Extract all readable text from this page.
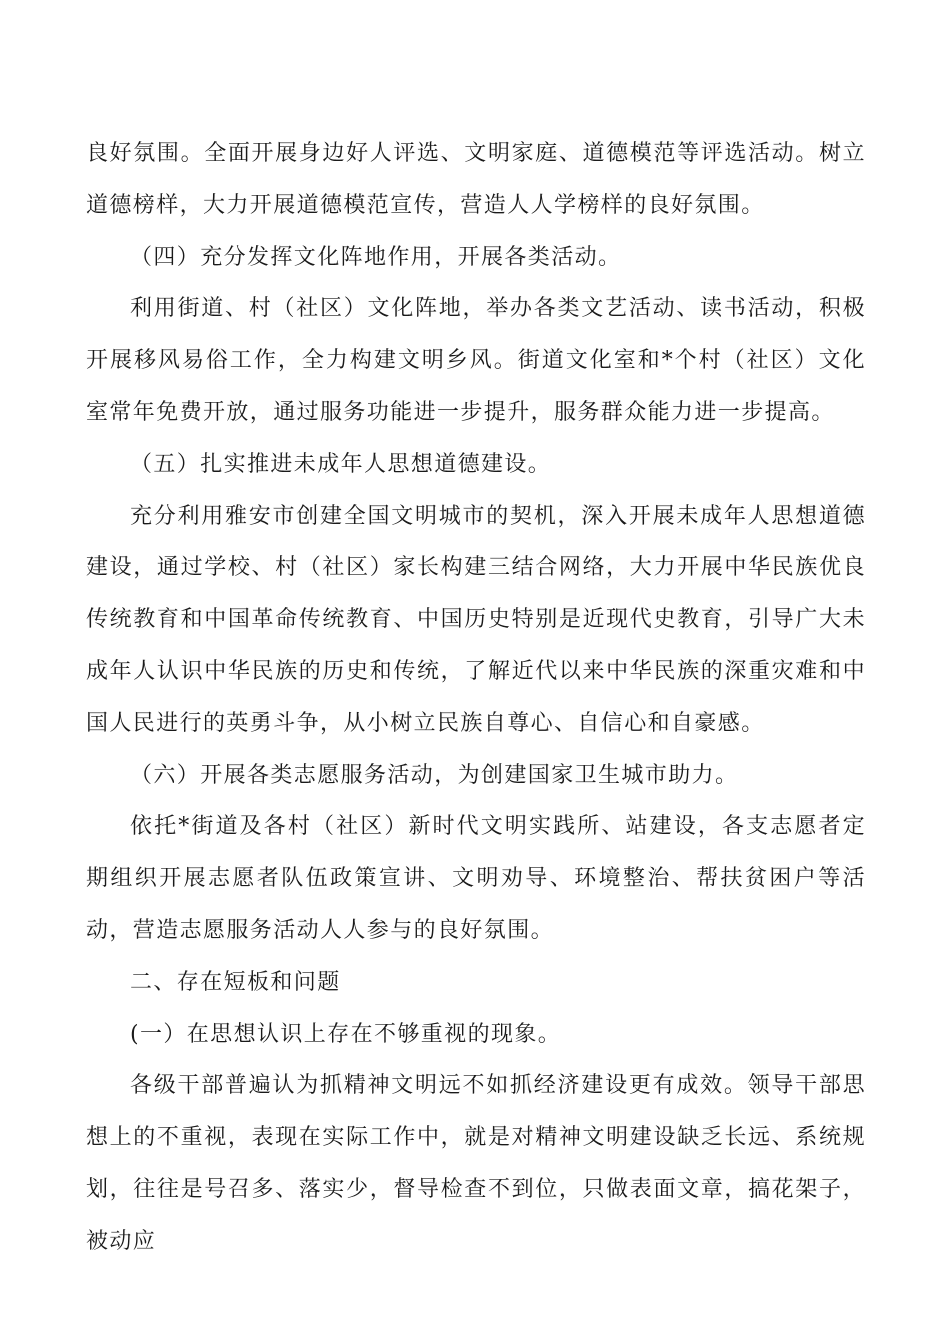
良好氛围。全面开展身边好人评选、文明家庭、道德模范等评选活动。树立道德榜样，大力开展道德模范宣传，营造人人学榜样的良好氛围。

（四）充分发挥文化阵地作用，开展各类活动。

利用街道、村（社区）文化阵地，举办各类文艺活动、读书活动，积极开展移风易俗工作，全力构建文明乡风。街道文化室和*个村（社区）文化室常年免费开放，通过服务功能进一步提升，服务群众能力进一步提高。

（五）扎实推进未成年人思想道德建设。

充分利用雅安市创建全国文明城市的契机，深入开展未成年人思想道德建设，通过学校、村（社区）家长构建三结合网络，大力开展中华民族优良传统教育和中国革命传统教育、中国历史特别是近现代史教育，引导广大未成年人认识中华民族的历史和传统，了解近代以来中华民族的深重灾难和中国人民进行的英勇斗争，从小树立民族自尊心、自信心和自豪感。

（六）开展各类志愿服务活动，为创建国家卫生城市助力。

依托*街道及各村（社区）新时代文明实践所、站建设，各支志愿者定期组织开展志愿者队伍政策宣讲、文明劝导、环境整治、帮扶贫困户等活动，营造志愿服务活动人人参与的良好氛围。

二、存在短板和问题

(一）在思想认识上存在不够重视的现象。

各级干部普遍认为抓精神文明远不如抓经济建设更有成效。领导干部思想上的不重视，表现在实际工作中，就是对精神文明建设缺乏长远、系统规划，往往是号召多、落实少，督导检查不到位，只做表面文章，搞花架子，被动应
